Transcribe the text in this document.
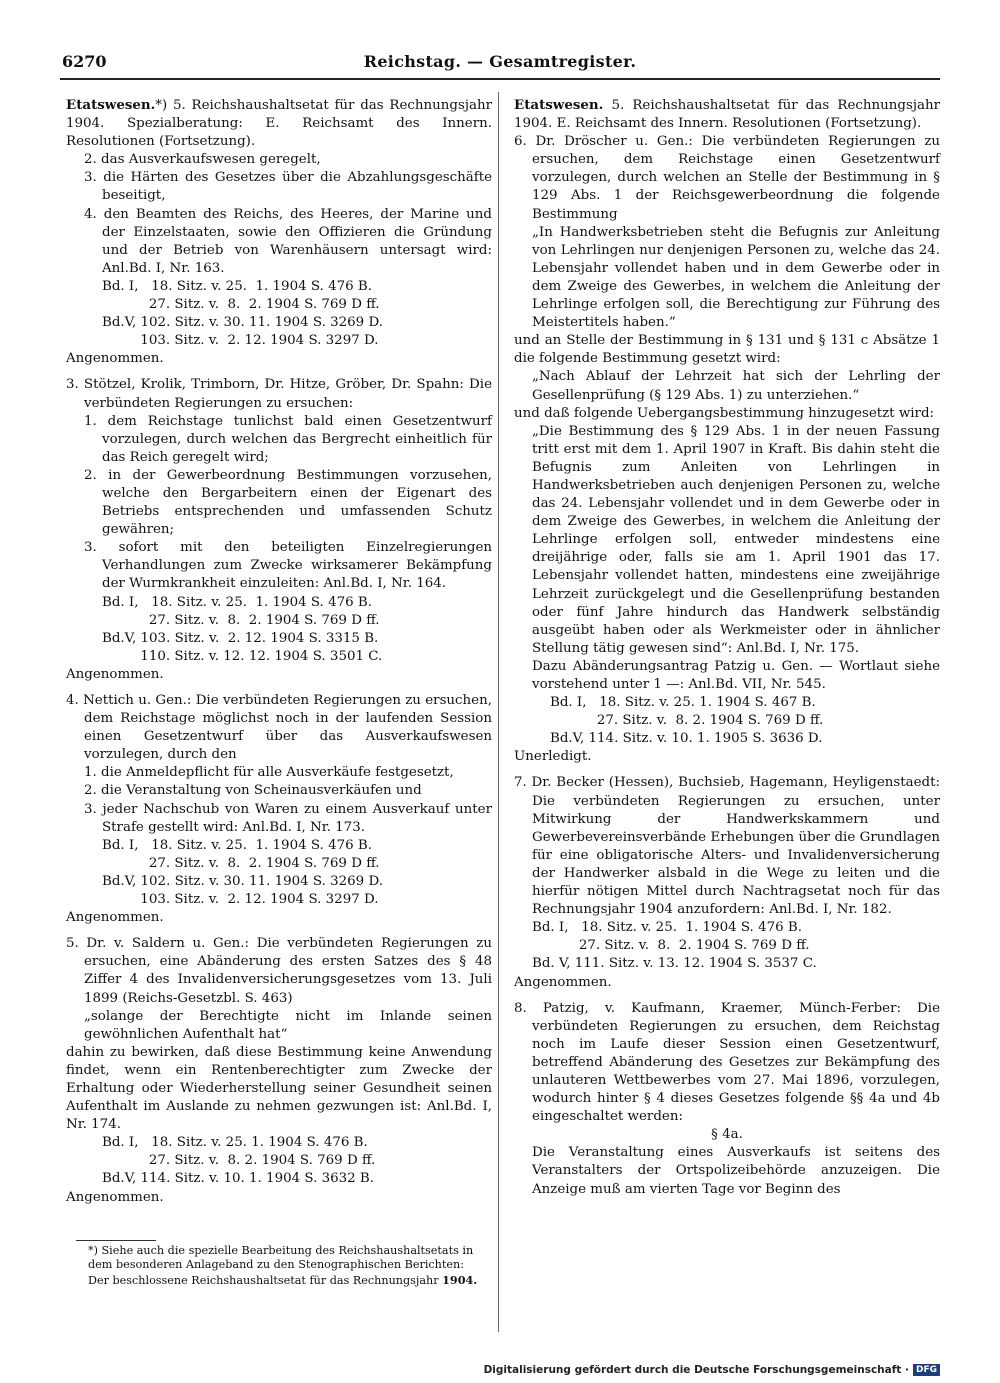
6270	Reichstag. — Gesamtregister.

Etatswesen.*) 5. Reichshaushaltsetat für das Rechnungsjahr 1904. Spezialberatung: E. Reichsamt des Innern. Resolutionen (Fortsetzung).

2. das Ausverkaufswesen geregelt,

3. die Härten des Gesetzes über die Abzahlungsgeschäfte beseitigt,

4. den Beamten des Reichs, des Heeres, der Marine und der Einzelstaaten, sowie den Offizieren die Gründung und der Betrieb von Warenhäusern untersagt wird: Anl.Bd. I, Nr. 163.

Bd. I,   18. Sitz. v. 25.  1. 1904 S. 476 B.
27. Sitz. v.  8.  2. 1904 S. 769 D ff.
Bd.V, 102. Sitz. v. 30. 11. 1904 S. 3269 D.
103. Sitz. v.  2. 12. 1904 S. 3297 D.

Angenommen.

3. Stötzel, Krolik, Trimborn, Dr. Hitze, Gröber, Dr. Spahn: Die verbündeten Regierungen zu ersuchen:

1. dem Reichstage tunlichst bald einen Gesetzentwurf vorzulegen, durch welchen das Bergrecht einheitlich für das Reich geregelt wird;

2. in der Gewerbeordnung Bestimmungen vorzusehen, welche den Bergarbeitern einen der Eigenart des Betriebs entsprechenden und umfassenden Schutz gewähren;

3. sofort mit den beteiligten Einzelregierungen Verhandlungen zum Zwecke wirksamerer Bekämpfung der Wurmkrankheit einzuleiten: Anl.Bd. I, Nr. 164.

Bd. I,   18. Sitz. v. 25.  1. 1904 S. 476 B.
27. Sitz. v.  8.  2. 1904 S. 769 D ff.
Bd.V, 103. Sitz. v.  2. 12. 1904 S. 3315 B.
110. Sitz. v. 12. 12. 1904 S. 3501 C.

Angenommen.

4. Nettich u. Gen.: Die verbündeten Regierungen zu ersuchen, dem Reichstage möglichst noch in der laufenden Session einen Gesetzentwurf über das Ausverkaufswesen vorzulegen, durch den

1. die Anmeldepflicht für alle Ausverkäufe festgesetzt,

2. die Veranstaltung von Scheinausverkäufen und

3. jeder Nachschub von Waren zu einem Ausverkauf unter Strafe gestellt wird: Anl.Bd. I, Nr. 173.

Bd. I,   18. Sitz. v. 25.  1. 1904 S. 476 B.
27. Sitz. v.  8.  2. 1904 S. 769 D ff.
Bd.V, 102. Sitz. v. 30. 11. 1904 S. 3269 D.
103. Sitz. v.  2. 12. 1904 S. 3297 D.

Angenommen.

5. Dr. v. Saldern u. Gen.: Die verbündeten Regierungen zu ersuchen, eine Abänderung des ersten Satzes des § 48 Ziffer 4 des Invalidenversicherungsgesetzes vom 13. Juli 1899 (Reichs-Gesetzbl. S. 463)

„solange der Berechtigte nicht im Inlande seinen gewöhnlichen Aufenthalt hat“

dahin zu bewirken, daß diese Bestimmung keine Anwendung findet, wenn ein Rentenberechtigter zum Zwecke der Erhaltung oder Wiederherstellung seiner Gesundheit seinen Aufenthalt im Auslande zu nehmen gezwungen ist: Anl.Bd. I, Nr. 174.

Bd. I,   18. Sitz. v. 25. 1. 1904 S. 476 B.
27. Sitz. v.  8. 2. 1904 S. 769 D ff.
Bd.V, 114. Sitz. v. 10. 1. 1904 S. 3632 B.

Angenommen.

*) Siehe auch die spezielle Bearbeitung des Reichshaushaltsetats in dem besonderen Anlageband zu den Stenographischen Berichten: Der beschlossene Reichshaushaltsetat für das Rechnungsjahr 1904.

Etatswesen. 5. Reichshaushaltsetat für das Rechnungsjahr 1904. E. Reichsamt des Innern. Resolutionen (Fortsetzung).

6. Dr. Dröscher u. Gen.: Die verbündeten Regierungen zu ersuchen, dem Reichstage einen Gesetzentwurf vorzulegen, durch welchen an Stelle der Bestimmung in § 129 Abs. 1 der Reichsgewerbeordnung die folgende Bestimmung

„In Handwerksbetrieben steht die Befugnis zur Anleitung von Lehrlingen nur denjenigen Personen zu, welche das 24. Lebensjahr vollendet haben und in dem Gewerbe oder in dem Zweige des Gewerbes, in welchem die Anleitung der Lehrlinge erfolgen soll, die Berechtigung zur Führung des Meistertitels haben.“

und an Stelle der Bestimmung in § 131 und § 131 c Absätze 1 die folgende Bestimmung gesetzt wird:

„Nach Ablauf der Lehrzeit hat sich der Lehrling der Gesellenprüfung (§ 129 Abs. 1) zu unterziehen.“

und daß folgende Uebergangsbestimmung hinzugesetzt wird:

„Die Bestimmung des § 129 Abs. 1 in der neuen Fassung tritt erst mit dem 1. April 1907 in Kraft. Bis dahin steht die Befugnis zum Anleiten von Lehrlingen in Handwerksbetrieben auch denjenigen Personen zu, welche das 24. Lebensjahr vollendet und in dem Gewerbe oder in dem Zweige des Gewerbes, in welchem die Anleitung der Lehrlinge erfolgen soll, entweder mindestens eine dreijährige oder, falls sie am 1. April 1901 das 17. Lebensjahr vollendet hatten, mindestens eine zweijährige Lehrzeit zurückgelegt und die Gesellenprüfung bestanden oder fünf Jahre hindurch das Handwerk selbständig ausgeübt haben oder als Werkmeister oder in ähnlicher Stellung tätig gewesen sind“: Anl.Bd. I, Nr. 175.

Dazu Abänderungsantrag Patzig u. Gen. — Wortlaut siehe vorstehend unter 1 —: Anl.Bd. VII, Nr. 545.

Bd. I,   18. Sitz. v. 25. 1. 1904 S. 467 B.
27. Sitz. v.  8. 2. 1904 S. 769 D ff.
Bd.V, 114. Sitz. v. 10. 1. 1905 S. 3636 D.

Unerledigt.

7. Dr. Becker (Hessen), Buchsieb, Hagemann, Heyligenstaedt: Die verbündeten Regierungen zu ersuchen, unter Mitwirkung der Handwerkskammern und Gewerbevereinsverbände Erhebungen über die Grundlagen für eine obligatorische Alters- und Invalidenversicherung der Handwerker alsbald in die Wege zu leiten und die hierfür nötigen Mittel durch Nachtragsetat noch für das Rechnungsjahr 1904 anzufordern: Anl.Bd. I, Nr. 182.

Bd. I,   18. Sitz. v. 25.  1. 1904 S. 476 B.
27. Sitz. v.  8.  2. 1904 S. 769 D ff.
Bd. V, 111. Sitz. v. 13. 12. 1904 S. 3537 C.

Angenommen.

8. Patzig, v. Kaufmann, Kraemer, Münch-Ferber: Die verbündeten Regierungen zu ersuchen, dem Reichstag noch im Laufe dieser Session einen Gesetzentwurf, betreffend Abänderung des Gesetzes zur Bekämpfung des unlauteren Wettbewerbes vom 27. Mai 1896, vorzulegen, wodurch hinter § 4 dieses Gesetzes folgende §§ 4a und 4b eingeschaltet werden:

§ 4a.

Die Veranstaltung eines Ausverkaufs ist seitens des Veranstalters der Ortspolizeibehörde anzuzeigen. Die Anzeige muß am vierten Tage vor Beginn des

Digitalisierung gefördert durch die Deutsche Forschungsgemeinschaft · DFG
